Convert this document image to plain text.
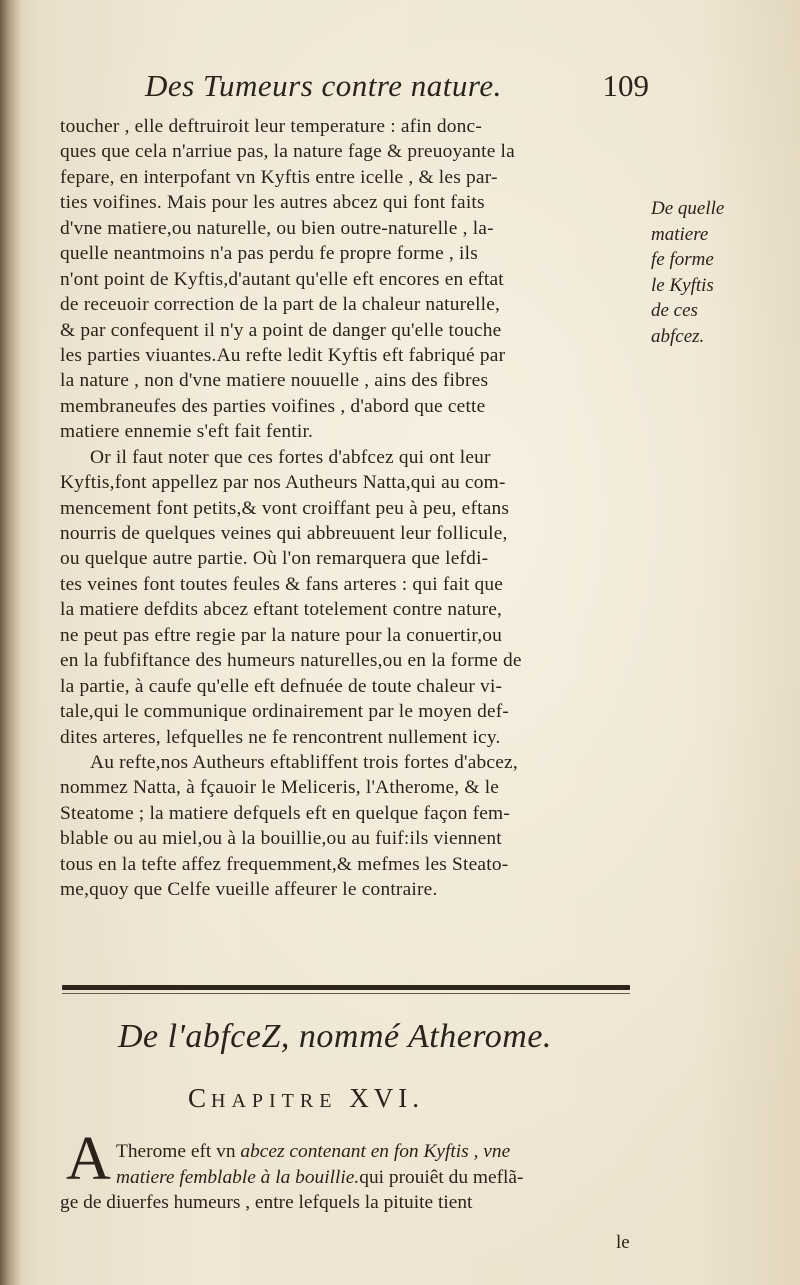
Des Tumeurs contre nature.	109
toucher , elle deftruiroit leur temperature : afin donc-
ques que cela n'arriue pas, la nature fage & preuoyante la
fepare, en interpofant vn Kyftis entre icelle , & les par-
ties voifines. Mais pour les autres abcez qui font faits
d'vne matiere,ou naturelle, ou bien outre-naturelle , la-
quelle neantmoins n'a pas perdu fe propre forme , ils
n'ont point de Kyftis,d'autant qu'elle eft encores en eftat
de receuoir correction de la part de la chaleur naturelle,
& par confequent il n'y a point de danger qu'elle touche
les parties viuantes.Au refte ledit Kyftis eft fabriqué par
la nature , non d'vne matiere nouuelle , ains des fibres
membraneufes des parties voifines , d'abord que cette
matiere ennemie s'eft fait fentir.
Or il faut noter que ces fortes d'abfcez qui ont leur
Kyftis,font appellez par nos Autheurs Natta,qui au com-
mencement font petits,& vont croiffant peu à peu, eftans
nourris de quelques veines qui abbreuuent leur follicule,
ou quelque autre partie. Où l'on remarquera que lefdi-
tes veines font toutes feules & fans arteres : qui fait que
la matiere defdits abcez eftant totelement contre nature,
ne peut pas eftre regie par la nature pour la conuertir,ou
en la fubfiftance des humeurs naturelles,ou en la forme de
la partie, à caufe qu'elle eft defnuée de toute chaleur vi-
tale,qui le communique ordinairement par le moyen def-
dites arteres, lefquelles ne fe rencontrent nullement icy.
Au refte,nos Autheurs eftabliffent trois fortes d'abcez,
nommez Natta, à fçauoir le Meliceris, l'Atherome, & le
Steatome ; la matiere defquels eft en quelque façon fem-
blable ou au miel,ou à la bouillie,ou au fuif:ils viennent
tous en la tefte affez frequemment,& mefmes les Steato-
me,quoy que Celfe vueille affeurer le contraire.
De quelle
matiere
fe forme
le Kyftis
de ces
abfcez.
De l'abfceZ, nommé Atherome.
CHAPITRE XVI.
A Therome eft vn abcez contenant en fon Kyftis , vne
matiere femblable à la bouillie.qui prouiêt du meflã-
ge de diuerfes humeurs , entre lefquels la pituite tient
le
